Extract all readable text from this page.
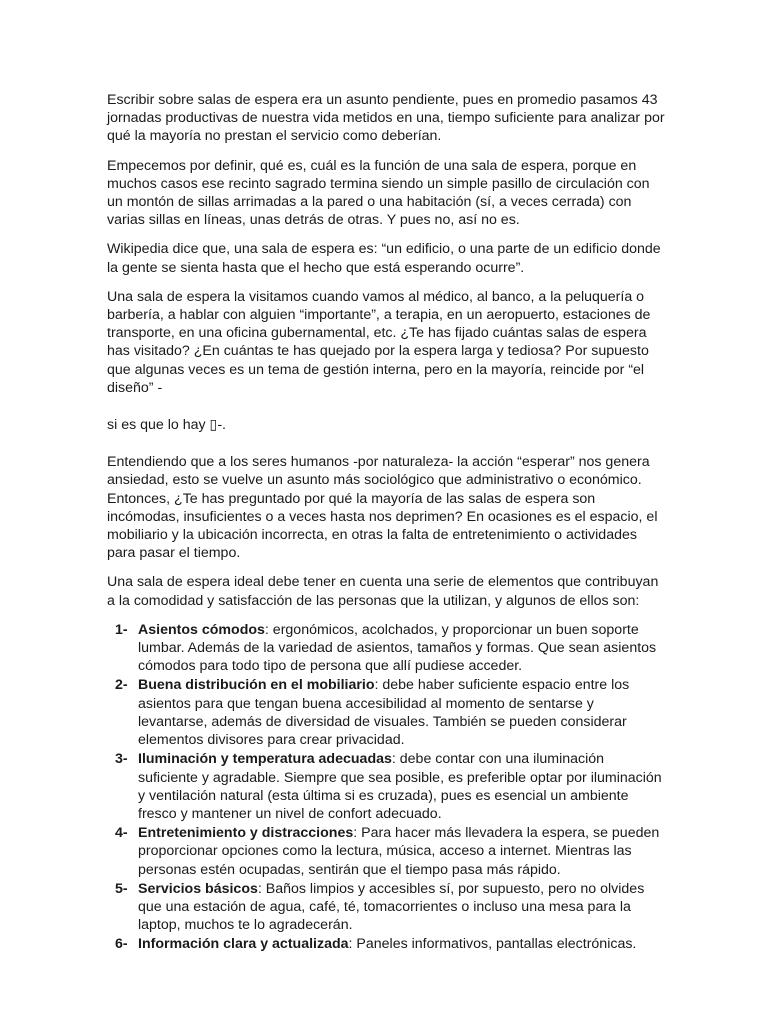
Escribir sobre salas de espera era un asunto pendiente, pues en promedio pasamos 43 jornadas productivas de nuestra vida metidos en una, tiempo suficiente para analizar por qué la mayoría no prestan el servicio como deberían.

Empecemos por definir, qué es, cuál es la función de una sala de espera, porque en muchos casos ese recinto sagrado termina siendo un simple pasillo de circulación con un montón de sillas arrimadas a la pared o una habitación (sí, a veces cerrada) con varias sillas en líneas, unas detrás de otras. Y pues no, así no es.

Wikipedia dice que, una sala de espera es: “un edificio, o una parte de un edificio donde la gente se sienta hasta que el hecho que está esperando ocurre”.

Una sala de espera la visitamos cuando vamos al médico, al banco, a la peluquería o barbería, a hablar con alguien “importante”, a terapia, en un aeropuerto, estaciones de transporte, en una oficina gubernamental, etc. ¿Te has fijado cuántas salas de espera has visitado? ¿En cuántas te has quejado por la espera larga y tediosa? Por supuesto que algunas veces es un tema de gestión interna, pero en la mayoría, reincide por “el diseño” -

si es que lo hay ▯-.

Entendiendo que a los seres humanos -por naturaleza- la acción “esperar” nos genera ansiedad, esto se vuelve un asunto más sociológico que administrativo o económico. Entonces, ¿Te has preguntado por qué la mayoría de las salas de espera son incómodas, insuficientes o a veces hasta nos deprimen? En ocasiones es el espacio, el mobiliario y la ubicación incorrecta, en otras la falta de entretenimiento o actividades para pasar el tiempo.

Una sala de espera ideal debe tener en cuenta una serie de elementos que contribuyan a la comodidad y satisfacción de las personas que la utilizan, y algunos de ellos son:

1- Asientos cómodos: ergonómicos, acolchados, y proporcionar un buen soporte lumbar. Además de la variedad de asientos, tamaños y formas. Que sean asientos cómodos para todo tipo de persona que allí pudiese acceder.
2- Buena distribución en el mobiliario: debe haber suficiente espacio entre los asientos para que tengan buena accesibilidad al momento de sentarse y levantarse, además de diversidad de visuales. También se pueden considerar elementos divisores para crear privacidad.
3- Iluminación y temperatura adecuadas: debe contar con una iluminación suficiente y agradable. Siempre que sea posible, es preferible optar por iluminación y ventilación natural (esta última si es cruzada), pues es esencial un ambiente fresco y mantener un nivel de confort adecuado.
4- Entretenimiento y distracciones: Para hacer más llevadera la espera, se pueden proporcionar opciones como la lectura, música, acceso a internet. Mientras las personas estén ocupadas, sentirán que el tiempo pasa más rápido.
5- Servicios básicos: Baños limpios y accesibles sí, por supuesto, pero no olvides que una estación de agua, café, té, tomacorrientes o incluso una mesa para la laptop, muchos te lo agradecerán.
6- Información clara y actualizada: Paneles informativos, pantallas electrónicas.
